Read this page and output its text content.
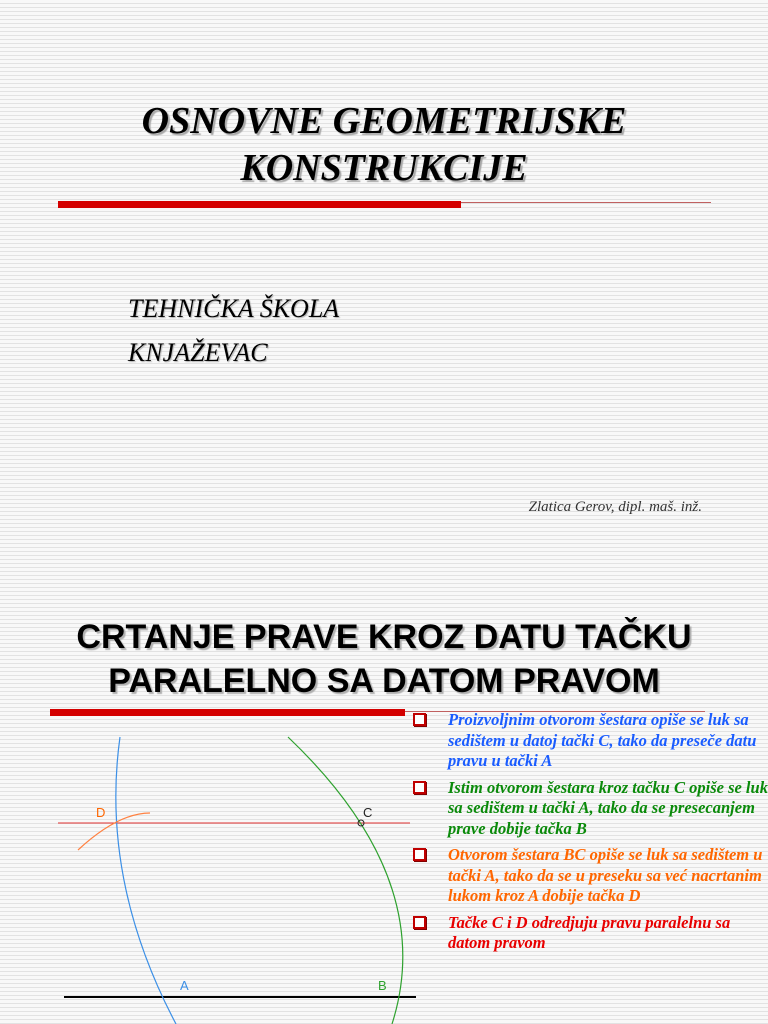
OSNOVNE GEOMETRIJSKE
KONSTRUKCIJE

TEHNIČKA ŠKOLA

KNJAŽEVAC

Zlatica Gerov, dipl. maš. inž.
CRTANJE PRAVE KROZ DATU TAČKU
PARALELNO SA DATOM PRAVOM
D	C
A	B
Proizvoljnim otvorom šestara opiše se luk sa sedištem u datoj tački C, tako da preseče datu pravu u tački A
Istim otvorom šestara kroz tačku C opiše se luk sa sedištem u tački A, tako da se presecanjem prave dobije tačka B
Otvorom šestara BC opiše se luk sa sedištem u tački A, tako da se u preseku sa već nacrtanim lukom kroz A dobije tačka D
Tačke C i D odredjuju pravu paralelnu sa datom pravom
